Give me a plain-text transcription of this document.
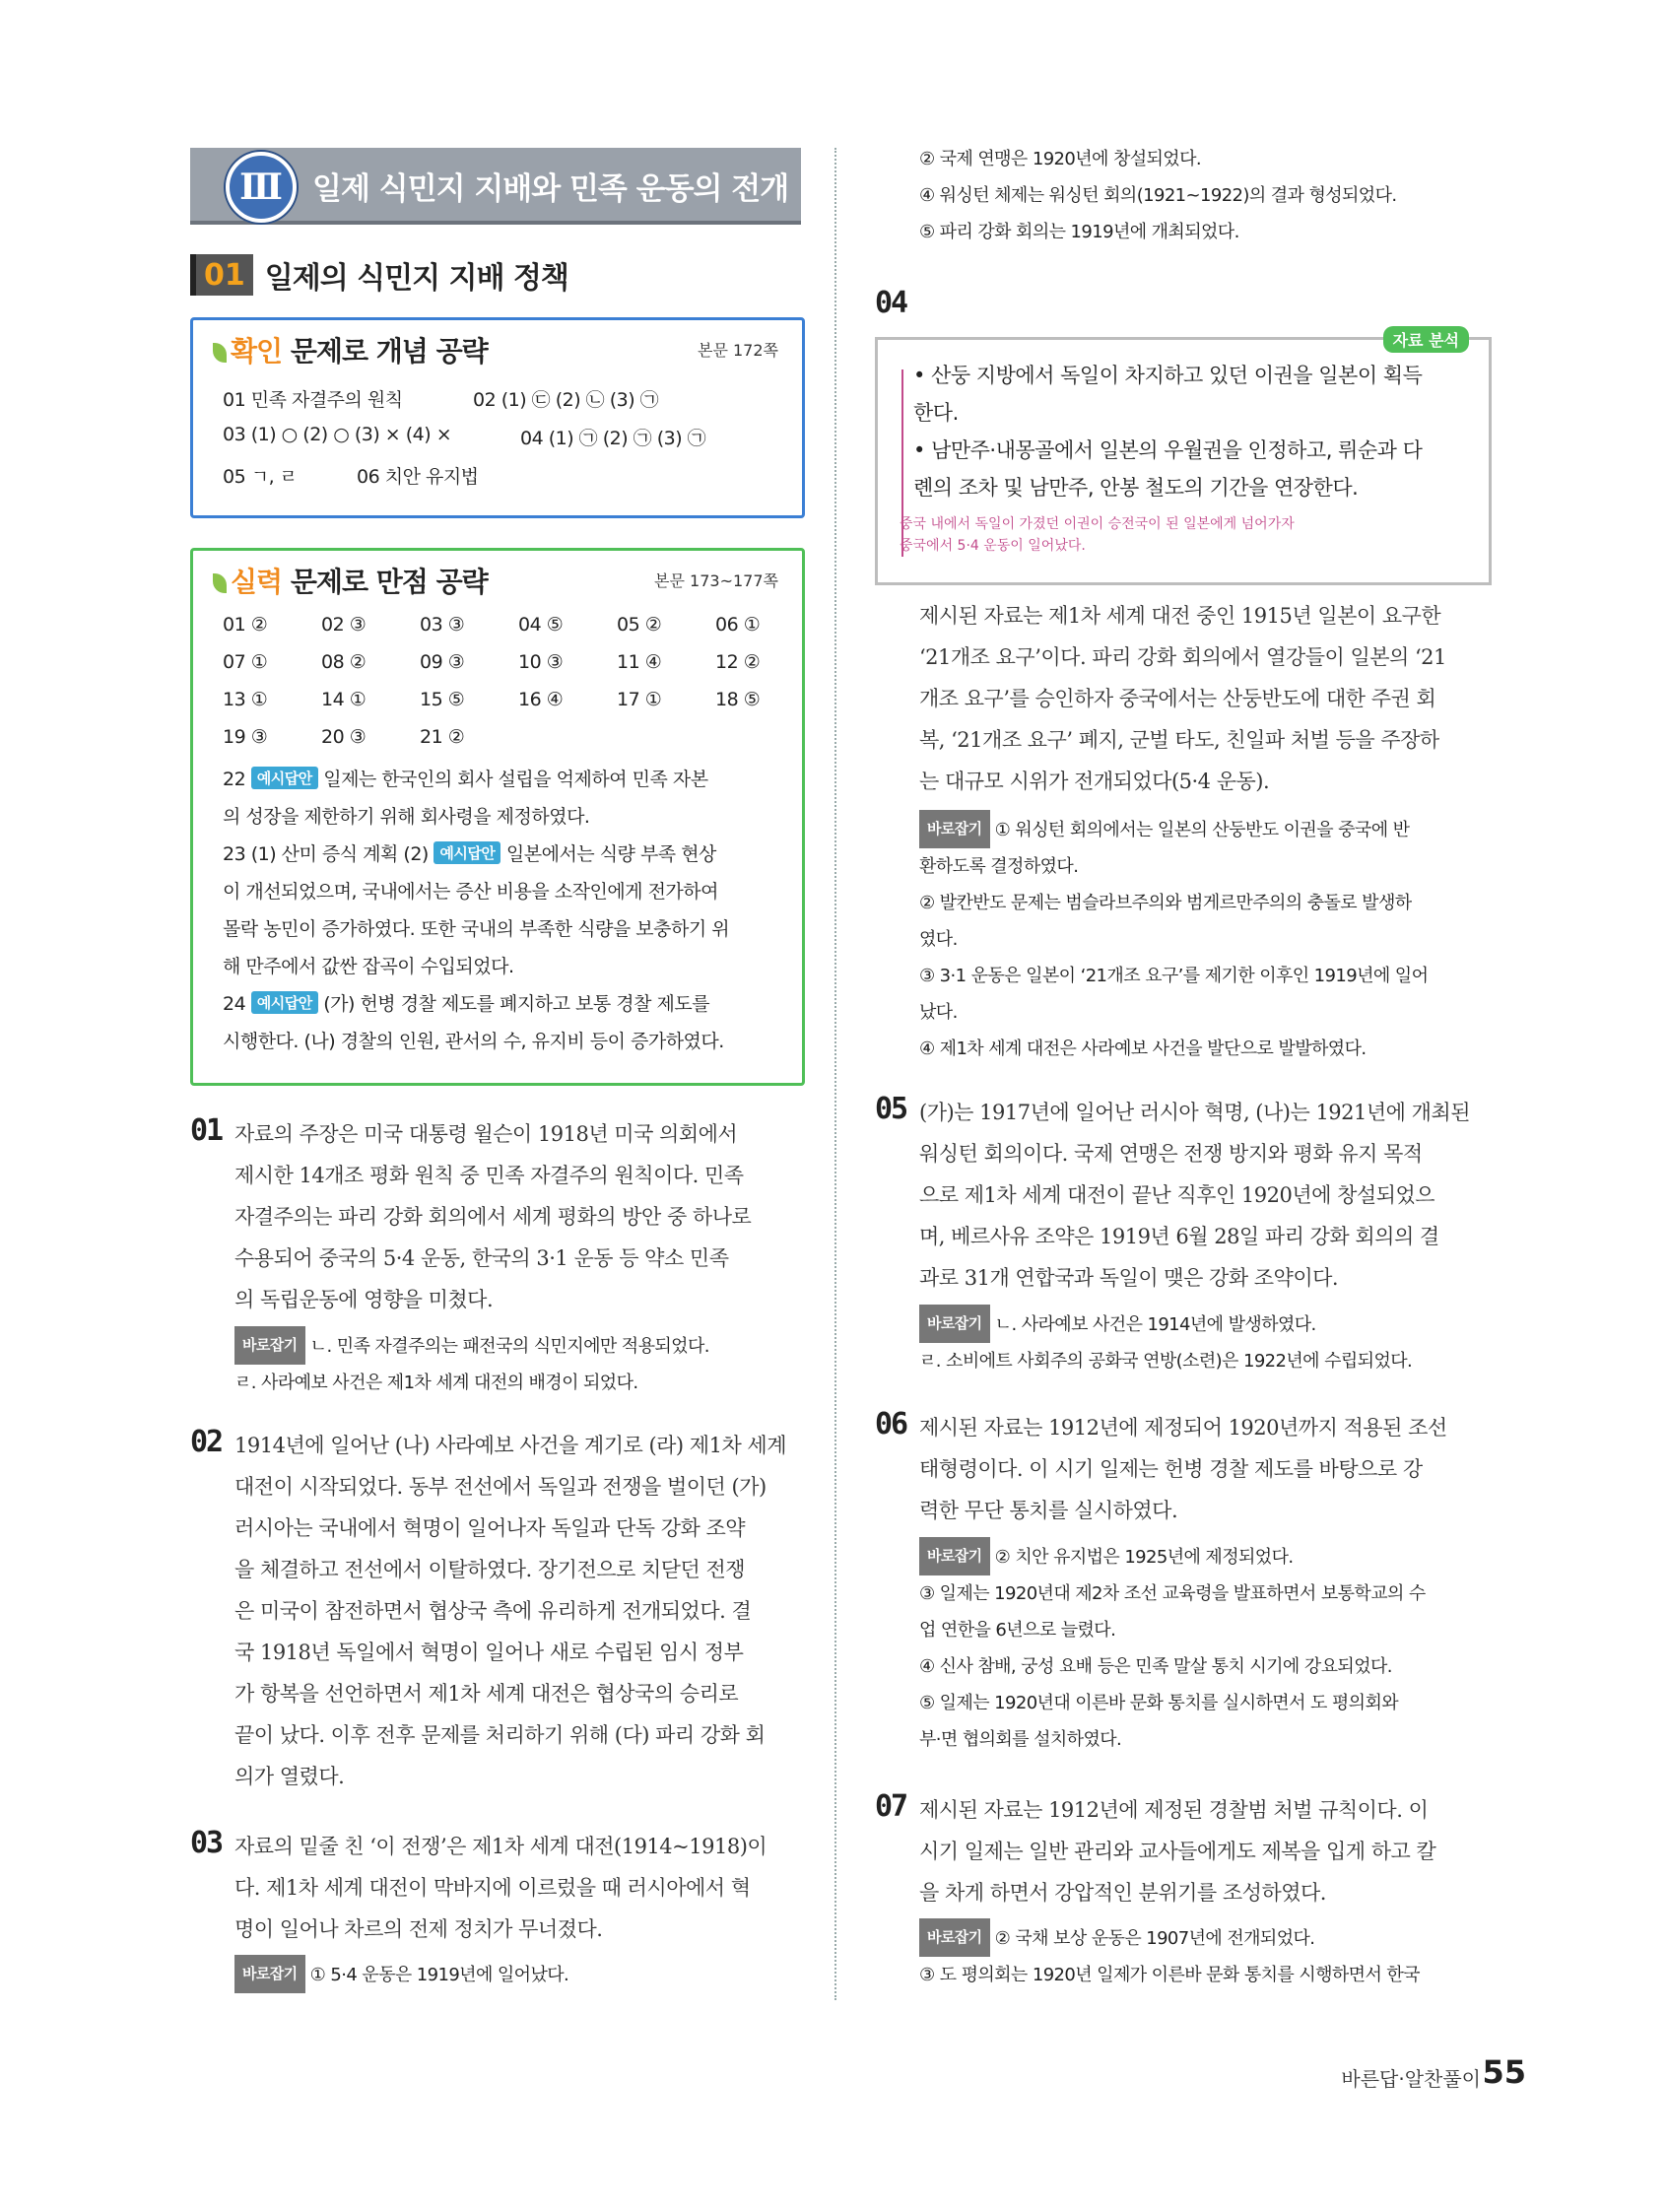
Ⅲ 일제 식민지 지배와 민족 운동의 전개
01 일제의 식민지 지배 정책
확인 문제로 개념 공략	본문 172쪽
01 민족 자결주의 원칙	02 (1) ㉢ (2) ㉡ (3) ㉠
03 (1) ○ (2) ○ (3) × (4) ×	04 (1) ㉠ (2) ㉠ (3) ㉠
05 ㄱ, ㄹ	06 치안 유지법
실력 문제로 만점 공략	본문 173~177쪽
01 ②	02 ③	03 ③	04 ⑤	05 ②	06 ①
07 ①	08 ②	09 ③	10 ③	11 ④	12 ②
13 ①	14 ①	15 ⑤	16 ④	17 ①	18 ⑤
19 ③	20 ③	21 ②
22 예시답안 일제는 한국인의 회사 설립을 억제하여 민족 자본
의 성장을 제한하기 위해 회사령을 제정하였다.
23 (1) 산미 증식 계획 (2) 예시답안 일본에서는 식량 부족 현상
이 개선되었으며, 국내에서는 증산 비용을 소작인에게 전가하여
몰락 농민이 증가하였다. 또한 국내의 부족한 식량을 보충하기 위
해 만주에서 값싼 잡곡이 수입되었다.
24 예시답안 (가) 헌병 경찰 제도를 폐지하고 보통 경찰 제도를
시행한다. (나) 경찰의 인원, 관서의 수, 유지비 등이 증가하였다.
01 자료의 주장은 미국 대통령 윌슨이 1918년 미국 의회에서
제시한 14개조 평화 원칙 중 민족 자결주의 원칙이다. 민족
자결주의는 파리 강화 회의에서 세계 평화의 방안 중 하나로
수용되어 중국의 5·4 운동, 한국의 3·1 운동 등 약소 민족
의 독립운동에 영향을 미쳤다.
바로잡기 ㄴ. 민족 자결주의는 패전국의 식민지에만 적용되었다.
ㄹ. 사라예보 사건은 제1차 세계 대전의 배경이 되었다.
02 1914년에 일어난 (나) 사라예보 사건을 계기로 (라) 제1차 세계
대전이 시작되었다. 동부 전선에서 독일과 전쟁을 벌이던 (가)
러시아는 국내에서 혁명이 일어나자 독일과 단독 강화 조약
을 체결하고 전선에서 이탈하였다. 장기전으로 치닫던 전쟁
은 미국이 참전하면서 협상국 측에 유리하게 전개되었다. 결
국 1918년 독일에서 혁명이 일어나 새로 수립된 임시 정부
가 항복을 선언하면서 제1차 세계 대전은 협상국의 승리로
끝이 났다. 이후 전후 문제를 처리하기 위해 (다) 파리 강화 회
의가 열렸다.
03 자료의 밑줄 친 ‘이 전쟁’은 제1차 세계 대전(1914~1918)이
다. 제1차 세계 대전이 막바지에 이르렀을 때 러시아에서 혁
명이 일어나 차르의 전제 정치가 무너졌다.
바로잡기 ① 5·4 운동은 1919년에 일어났다.
② 국제 연맹은 1920년에 창설되었다.
④ 워싱턴 체제는 워싱턴 회의(1921~1922)의 결과 형성되었다.
⑤ 파리 강화 회의는 1919년에 개최되었다.
04
자료 분석
• 산둥 지방에서 독일이 차지하고 있던 이권을 일본이 획득
한다.
• 남만주·내몽골에서 일본의 우월권을 인정하고, 뤼순과 다
롄의 조차 및 남만주, 안봉 철도의 기간을 연장한다.
중국 내에서 독일이 가졌던 이권이 승전국이 된 일본에게 넘어가자
중국에서 5·4 운동이 일어났다.
제시된 자료는 제1차 세계 대전 중인 1915년 일본이 요구한
‘21개조 요구’이다. 파리 강화 회의에서 열강들이 일본의 ‘21
개조 요구’를 승인하자 중국에서는 산둥반도에 대한 주권 회
복, ‘21개조 요구’ 폐지, 군벌 타도, 친일파 처벌 등을 주장하
는 대규모 시위가 전개되었다(5·4 운동).
바로잡기 ① 워싱턴 회의에서는 일본의 산둥반도 이권을 중국에 반
환하도록 결정하였다.
② 발칸반도 문제는 범슬라브주의와 범게르만주의의 충돌로 발생하
였다.
③ 3·1 운동은 일본이 ‘21개조 요구’를 제기한 이후인 1919년에 일어
났다.
④ 제1차 세계 대전은 사라예보 사건을 발단으로 발발하였다.
05 (가)는 1917년에 일어난 러시아 혁명, (나)는 1921년에 개최된
워싱턴 회의이다. 국제 연맹은 전쟁 방지와 평화 유지 목적
으로 제1차 세계 대전이 끝난 직후인 1920년에 창설되었으
며, 베르사유 조약은 1919년 6월 28일 파리 강화 회의의 결
과로 31개 연합국과 독일이 맺은 강화 조약이다.
바로잡기 ㄴ. 사라예보 사건은 1914년에 발생하였다.
ㄹ. 소비에트 사회주의 공화국 연방(소련)은 1922년에 수립되었다.
06 제시된 자료는 1912년에 제정되어 1920년까지 적용된 조선
태형령이다. 이 시기 일제는 헌병 경찰 제도를 바탕으로 강
력한 무단 통치를 실시하였다.
바로잡기 ② 치안 유지법은 1925년에 제정되었다.
③ 일제는 1920년대 제2차 조선 교육령을 발표하면서 보통학교의 수
업 연한을 6년으로 늘렸다.
④ 신사 참배, 궁성 요배 등은 민족 말살 통치 시기에 강요되었다.
⑤ 일제는 1920년대 이른바 문화 통치를 실시하면서 도 평의회와
부·면 협의회를 설치하였다.
07 제시된 자료는 1912년에 제정된 경찰범 처벌 규칙이다. 이
시기 일제는 일반 관리와 교사들에게도 제복을 입게 하고 칼
을 차게 하면서 강압적인 분위기를 조성하였다.
바로잡기 ② 국채 보상 운동은 1907년에 전개되었다.
③ 도 평의회는 1920년 일제가 이른바 문화 통치를 시행하면서 한국
바른답·알찬풀이 55
